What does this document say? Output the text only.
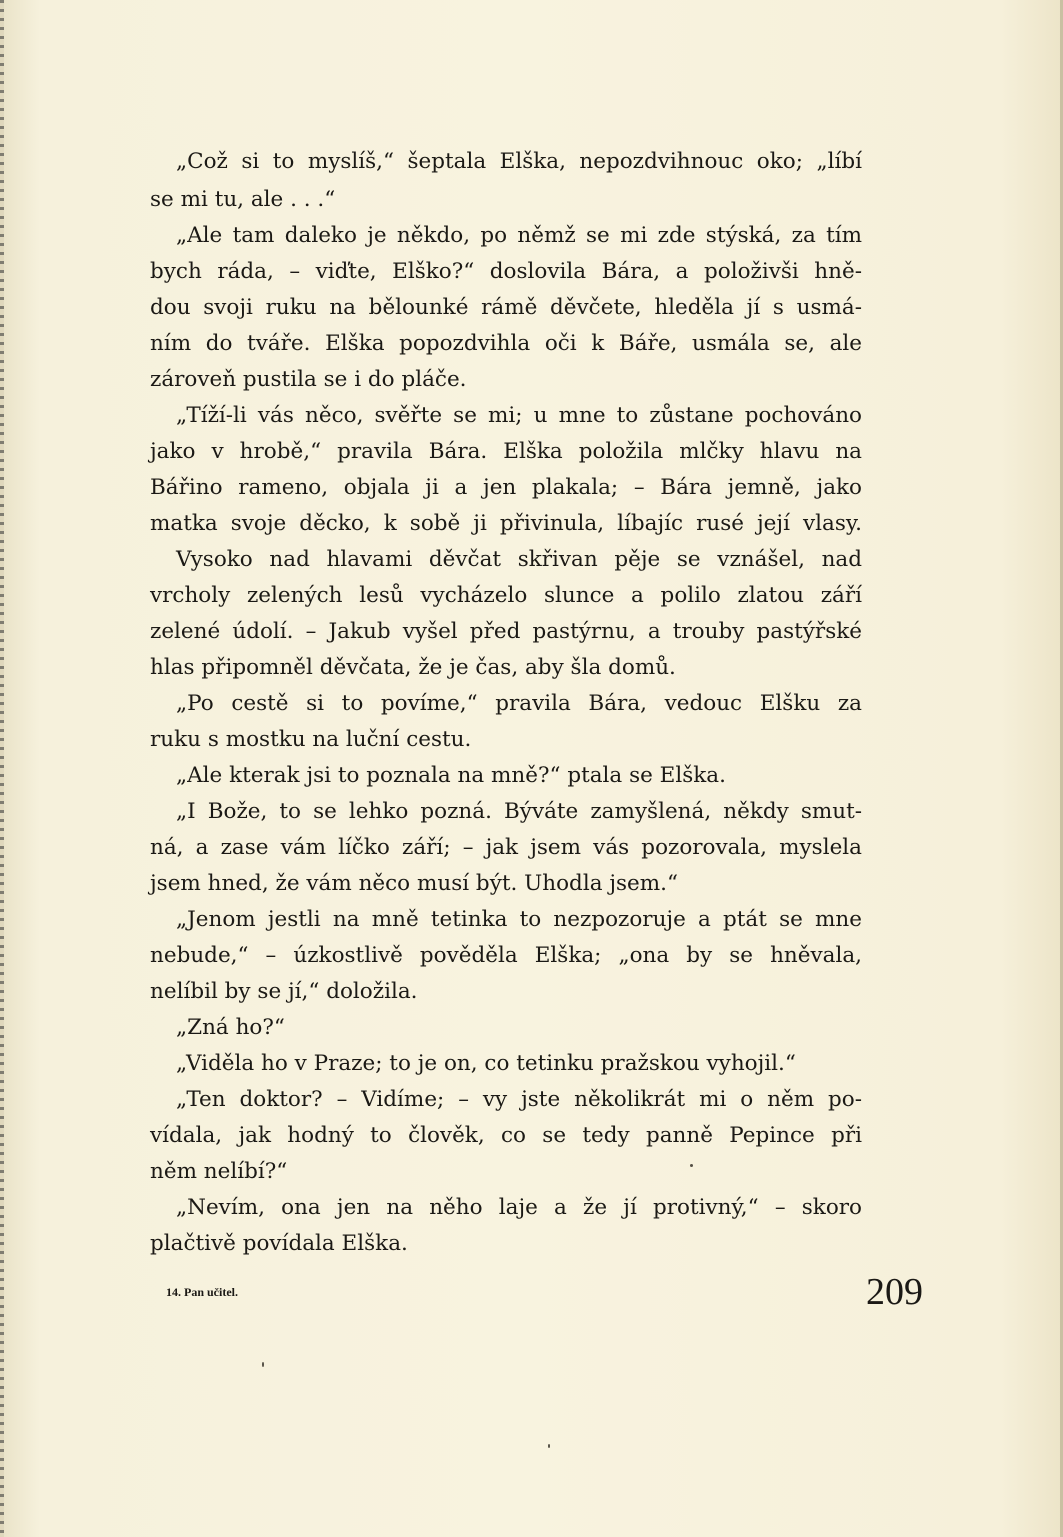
„Což si to myslíš,“ šeptala Elška, nepozdvihnouc oko; „líbí
se mi tu, ale . . .“
„Ale tam daleko je někdo, po němž se mi zde stýská, za tím
bych ráda, – viďte, Elško?“ doslovila Bára, a položivši hně-
dou svoji ruku na bělounké rámě děvčete, hleděla jí s usmá-
ním do tváře. Elška popozdvihla oči k Báře, usmála se, ale
zároveň pustila se i do pláče.
„Tíží-li vás něco, svěřte se mi; u mne to zůstane pochováno
jako v hrobě,“ pravila Bára. Elška položila mlčky hlavu na
Bářino rameno, objala ji a jen plakala; – Bára jemně, jako
matka svoje děcko, k sobě ji přivinula, líbajíc rusé její vlasy.
Vysoko nad hlavami děvčat skřivan pěje se vznášel, nad
vrcholy zelených lesů vycházelo slunce a polilo zlatou září
zelené údolí. – Jakub vyšel před pastýrnu, a trouby pastýřské
hlas připomněl děvčata, že je čas, aby šla domů.
„Po cestě si to povíme,“ pravila Bára, vedouc Elšku za
ruku s mostku na luční cestu.
„Ale kterak jsi to poznala na mně?“ ptala se Elška.
„I Bože, to se lehko pozná. Býváte zamyšlená, někdy smut-
ná, a zase vám líčko září; – jak jsem vás pozorovala, myslela
jsem hned, že vám něco musí být. Uhodla jsem.“
„Jenom jestli na mně tetinka to nezpozoruje a ptát se mne
nebude,“ – úzkostlivě pověděla Elška; „ona by se hněvala,
nelíbil by se jí,“ doložila.
„Zná ho?“
„Viděla ho v Praze; to je on, co tetinku pražskou vyhojil.“
„Ten doktor? – Vidíme; – vy jste několikrát mi o něm po-
vídala, jak hodný to člověk, co se tedy panně Pepince při
něm nelíbí?“
„Nevím, ona jen na něho laje a že jí protivný,“ – skoro
plačtivě povídala Elška.
14. Pan učitel.	209
